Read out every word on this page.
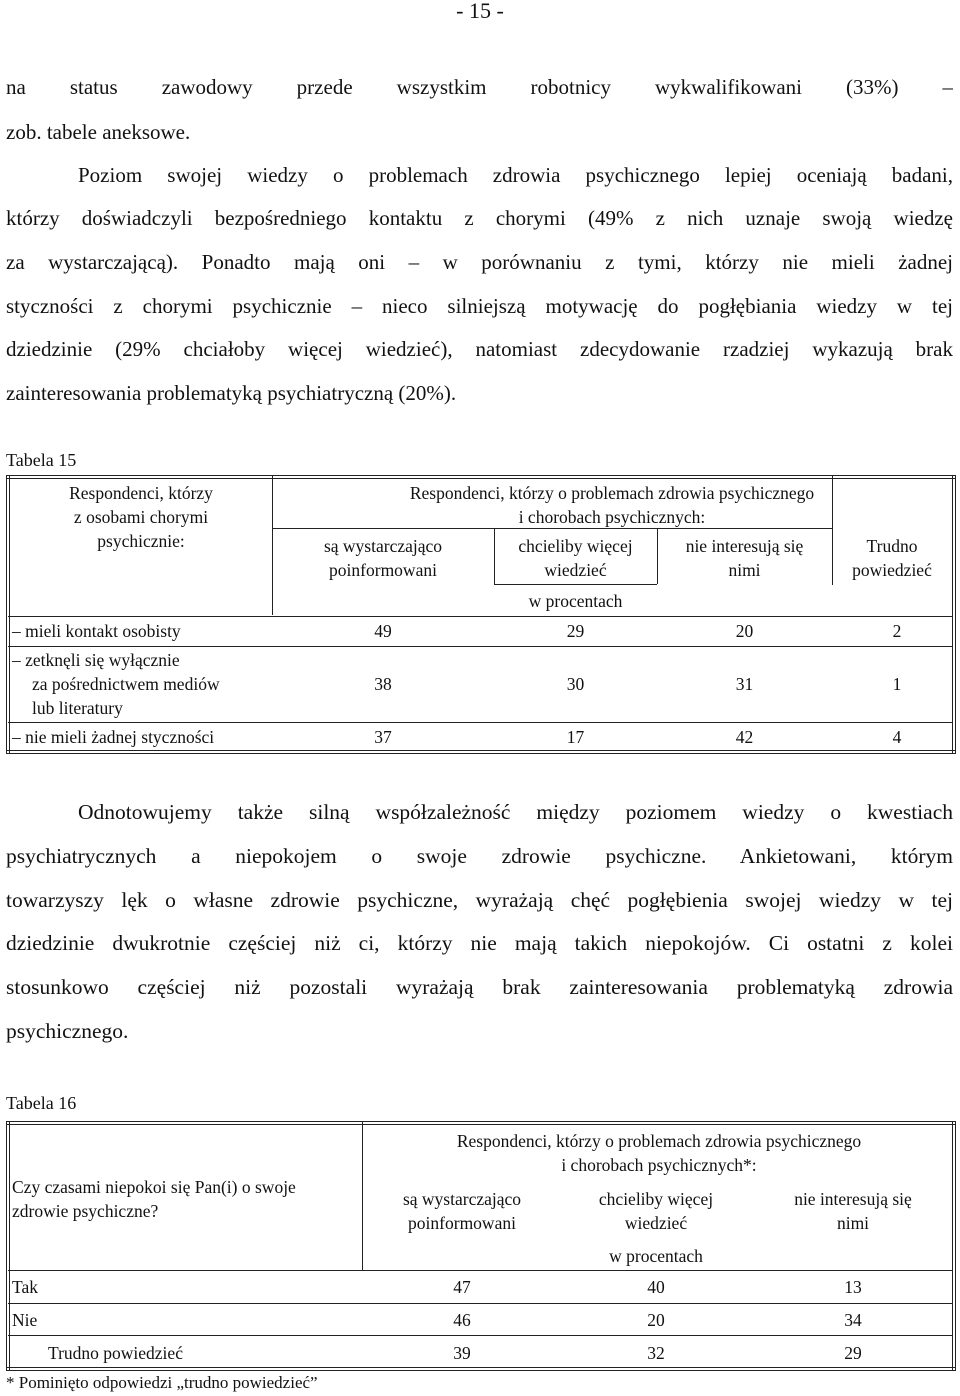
- 15 -
na status zawodowy przede wszystkim robotnicy wykwalifikowani (33%) –
zob. tabele aneksowe.
Poziom swojej wiedzy o problemach zdrowia psychicznego lepiej oceniają badani,
którzy doświadczyli bezpośredniego kontaktu z chorymi (49% z nich uznaje swoją wiedzę
za wystarczającą). Ponadto mają oni – w porównaniu z tymi, którzy nie mieli żadnej
styczności z chorymi psychicznie – nieco silniejszą motywację do pogłębiania wiedzy w tej
dziedzinie (29% chciałoby więcej wiedzieć), natomiast zdecydowanie rzadziej wykazują brak
zainteresowania problematyką psychiatryczną (20%).
Tabela 15
Respondenci, którzy
z osobami chorymi
psychicznie:
Respondenci, którzy o problemach zdrowia psychicznego
i chorobach psychicznych:
są wystarczająco
poinformowani
chcieliby więcej
wiedzieć
nie interesują się
nimi
Trudno
powiedzieć
w procentach
– mieli kontakt osobisty	49	29	20	2
– zetknęli się wyłącznie
za pośrednictwem mediów
lub literatury
38	30	31	1
– nie mieli żadnej styczności	37	17	42	4
Odnotowujemy także silną współzależność między poziomem wiedzy o kwestiach
psychiatrycznych a niepokojem o swoje zdrowie psychiczne. Ankietowani, którym
towarzyszy lęk o własne zdrowie psychiczne, wyrażają chęć pogłębienia swojej wiedzy w tej
dziedzinie dwukrotnie częściej niż ci, którzy nie mają takich niepokojów. Ci ostatni z kolei
stosunkowo częściej niż pozostali wyrażają brak zainteresowania problematyką zdrowia
psychicznego.
Tabela 16
Czy czasami niepokoi się Pan(i) o swoje
zdrowie psychiczne?
Respondenci, którzy o problemach zdrowia psychicznego
i chorobach psychicznych*:
są wystarczająco
poinformowani
chcieliby więcej
wiedzieć
nie interesują się
nimi
w procentach
Tak	47	40	13
Nie	46	20	34
Trudno powiedzieć	39	32	29
* Pominięto odpowiedzi „trudno powiedzieć”
